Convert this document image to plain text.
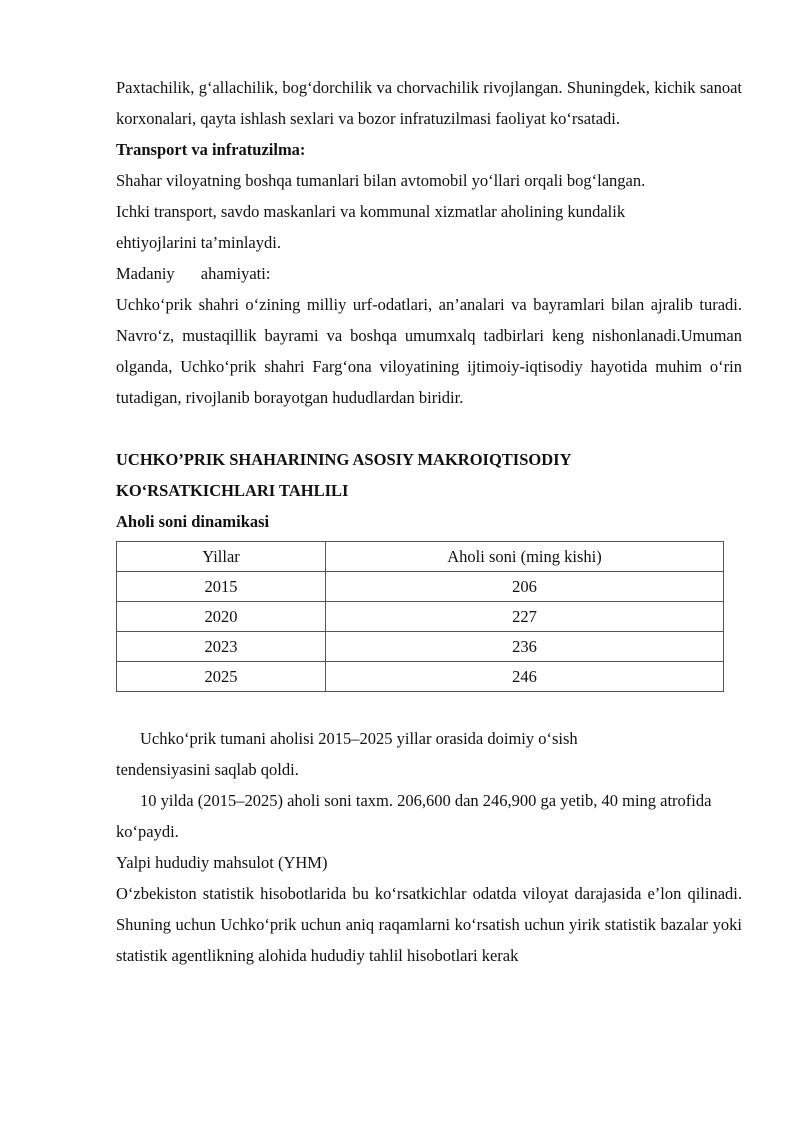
Paxtachilik, g‘allachilik, bog‘dorchilik va chorvachilik rivojlangan. Shuningdek, kichik sanoat korxonalari, qayta ishlash sexlari va bozor infratuzilmasi faoliyat ko‘rsatadi.

Transport va infratuzilma:

Shahar viloyatning boshqa tumanlari bilan avtomobil yo‘llari orqali bog‘langan.

Ichki transport, savdo maskanlari va kommunal xizmatlar aholining kundalik ehtiyojlarini ta’minlaydi.

Madaniy ahamiyati:

Uchko‘prik shahri o‘zining milliy urf-odatlari, an’analari va bayramlari bilan ajralib turadi. Navro‘z, mustaqillik bayrami va boshqa umumxalq tadbirlari keng nishonlanadi.Umuman olganda, Uchko‘prik shahri Farg‘ona viloyatining ijtimoiy-iqtisodiy hayotida muhim o‘rin tutadigan, rivojlanib borayotgan hududlardan biridir.

UCHKO’PRIK SHAHARINING ASOSIY MAKROIQTISODIY

KO‘RSATKICHLARI TAHLILI

Aholi soni dinamikasi

Yillar	Aholi soni (ming kishi)
2015	206
2020	227
2023	236
2025	246

Uchko‘prik tumani aholisi 2015–2025 yillar orasida doimiy o‘sish tendensiyasini saqlab qoldi.

10 yilda (2015–2025) aholi soni taxm. 206,600 dan 246,900 ga yetib, 40 ming atrofida ko‘paydi.

Yalpi hududiy mahsulot (YHM)

O‘zbekiston statistik hisobotlarida bu ko‘rsatkichlar odatda viloyat darajasida e’lon qilinadi. Shuning uchun Uchko‘prik uchun aniq raqamlarni ko‘rsatish uchun yirik statistik bazalar yoki statistik agentlikning alohida hududiy tahlil hisobotlari kerak
